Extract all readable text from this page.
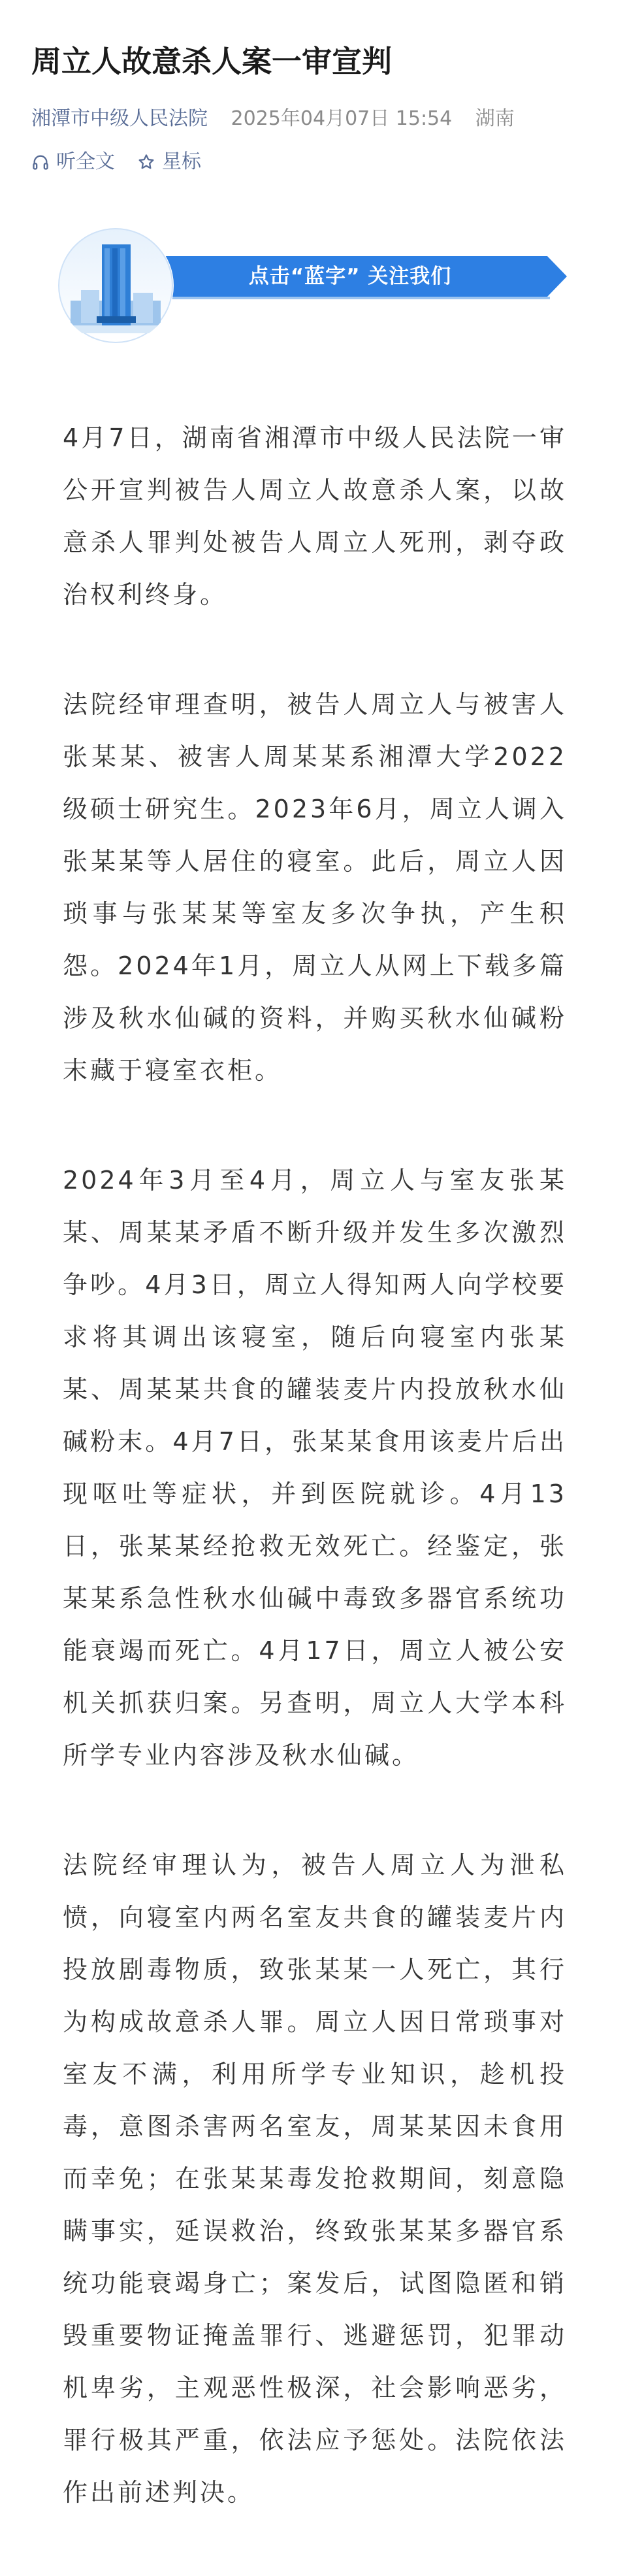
周立人故意杀人案一审宣判
湘潭市中级人民法院 2025年04月07日 15:54 湖南
听全文 星标
点击“蓝字” 关注我们

4月7日，湖南省湘潭市中级人民法院一审公开宣判被告人周立人故意杀人案，以故意杀人罪判处被告人周立人死刑，剥夺政治权利终身。

法院经审理查明，被告人周立人与被害人张某某、被害人周某某系湘潭大学2022级硕士研究生。2023年6月，周立人调入张某某等人居住的寝室。此后，周立人因琐事与张某某等室友多次争执，产生积怨。2024年1月，周立人从网上下载多篇涉及秋水仙碱的资料，并购买秋水仙碱粉末藏于寝室衣柜。

2024年3月至4月，周立人与室友张某某、周某某矛盾不断升级并发生多次激烈争吵。4月3日，周立人得知两人向学校要求将其调出该寝室，随后向寝室内张某某、周某某共食的罐装麦片内投放秋水仙碱粉末。4月7日，张某某食用该麦片后出现呕吐等症状，并到医院就诊。4月13日，张某某经抢救无效死亡。经鉴定，张某某系急性秋水仙碱中毒致多器官系统功能衰竭而死亡。4月17日，周立人被公安机关抓获归案。另查明，周立人大学本科所学专业内容涉及秋水仙碱。

法院经审理认为，被告人周立人为泄私愤，向寝室内两名室友共食的罐装麦片内投放剧毒物质，致张某某一人死亡，其行为构成故意杀人罪。周立人因日常琐事对室友不满，利用所学专业知识，趁机投毒，意图杀害两名室友，周某某因未食用而幸免；在张某某毒发抢救期间，刻意隐瞒事实，延误救治，终致张某某多器官系统功能衰竭身亡；案发后，试图隐匿和销毁重要物证掩盖罪行、逃避惩罚，犯罪动机卑劣，主观恶性极深，社会影响恶劣，罪行极其严重，依法应予惩处。法院依法作出前述判决。
